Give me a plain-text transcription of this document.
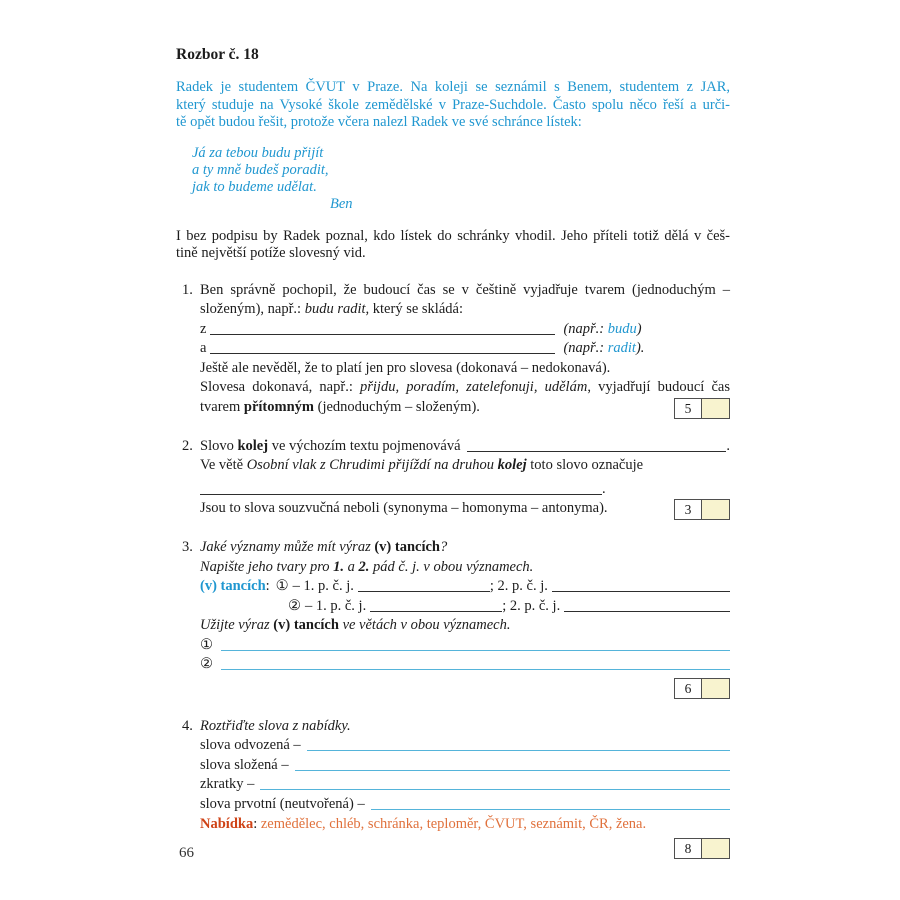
Rozbor č. 18
Radek je studentem ČVUT v Praze. Na koleji se seznámil s Benem, studentem z JAR,
který studuje na Vysoké škole zemědělské v Praze-Suchdole. Často spolu něco řeší a urči-
tě opět budou řešit, protože včera nalezl Radek ve své schránce lístek:
Já za tebou budu přijít
a ty mně budeš poradit,
jak to budeme udělat.
Ben
I bez podpisu by Radek poznal, kdo lístek do schránky vhodil. Jeho příteli totiž dělá v češ-
tině největší potíže slovesný vid.
1. Ben správně pochopil, že budoucí čas se v češtině vyjadřuje tvarem (jednoduchým –
složeným), např.: budu radit, který se skládá:
z	(např.: budu)
a	(např.: radit).
Ještě ale nevěděl, že to platí jen pro slovesa (dokonavá – nedokonavá).
Slovesa dokonavá, např.: přijdu, poradím, zatelefonuji, udělám, vyjadřují budoucí čas
tvarem přítomným (jednoduchým – složeným).	5
2. Slovo kolej ve výchozím textu pojmenovává	.
Ve větě Osobní vlak z Chrudimi přijíždí na druhou kolej toto slovo označuje
.
Jsou to slova souzvučná neboli (synonyma – homonyma – antonyma).	3
3. Jaké významy může mít výraz (v) tancích?
Napište jeho tvary pro 1. a 2. pád č. j. v obou významech.
(v) tancích : ① – 1. p. č. j.	; 2. p. č. j.
② – 1. p. č. j.	; 2. p. č. j.
Užijte výraz (v) tancích ve větách v obou významech.
①
②
6
4. Roztřiďte slova z nabídky.
slova odvozená –
slova složená –
zkratky –
slova prvotní (neutvořená) –
Nabídka: zemědělec, chléb, schránka, teploměr, ČVUT, seznámit, ČR, žena.
8
66
